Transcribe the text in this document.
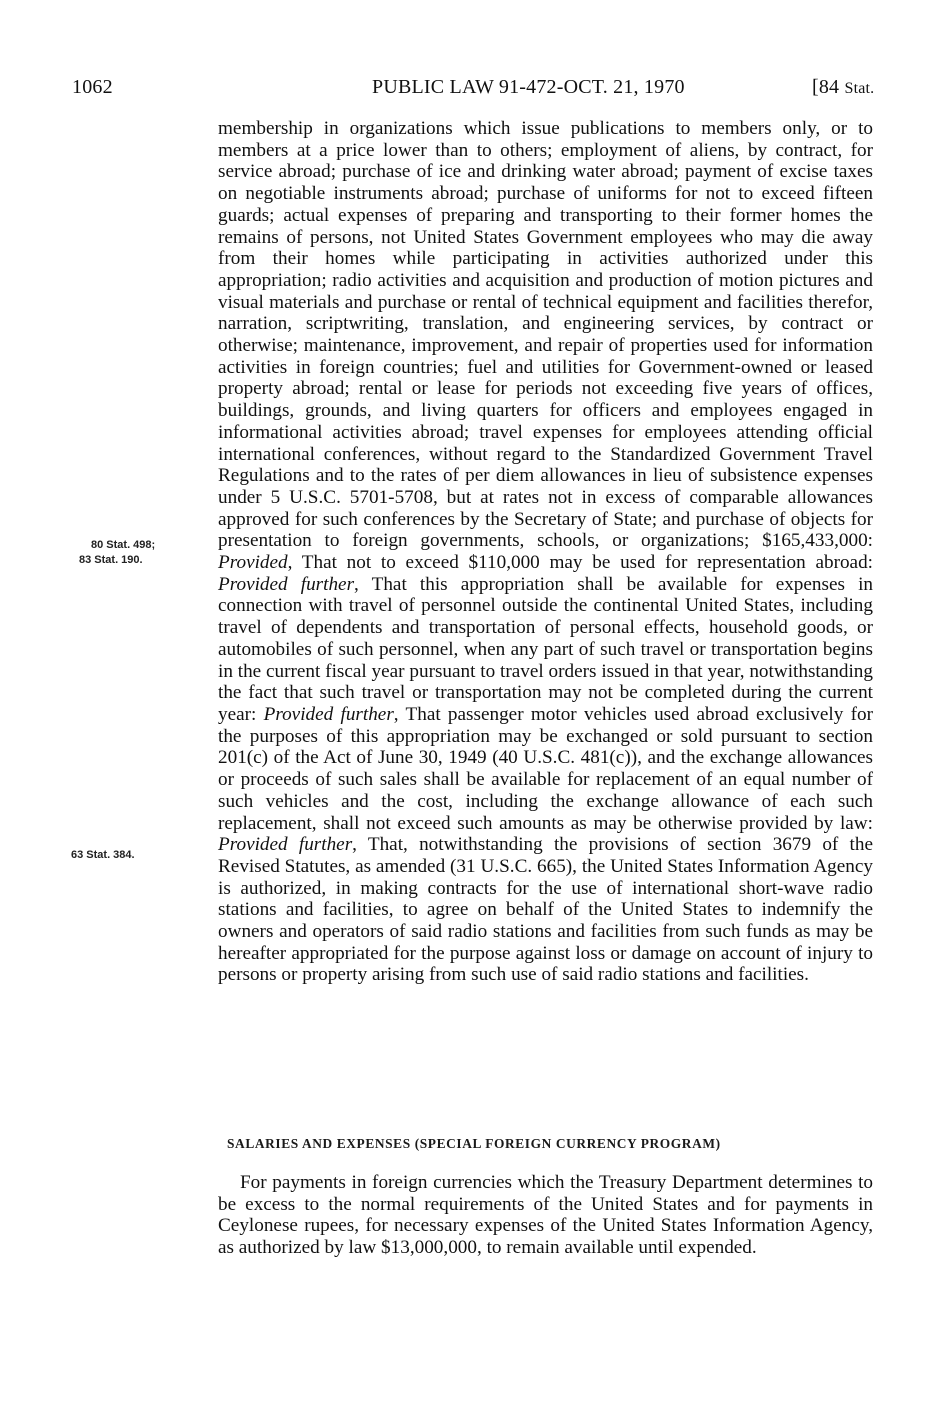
1062	PUBLIC LAW 91-472-OCT. 21, 1970	[84 Stat.

membership in organizations which issue publications to members only, or to members at a price lower than to others; employment of aliens, by contract, for service abroad; purchase of ice and drinking water abroad; payment of excise taxes on negotiable instruments abroad; purchase of uniforms for not to exceed fifteen guards; actual expenses of preparing and transporting to their former homes the remains of persons, not United States Government employees who may die away from their homes while participating in activities authorized under this appropriation; radio activities and acquisition and production of motion pictures and visual materials and purchase or rental of technical equipment and facilities therefor, narration, scriptwriting, translation, and engineering services, by contract or otherwise; maintenance, improvement, and repair of properties used for information activities in foreign countries; fuel and utilities for Government-owned or leased property abroad; rental or lease for periods not exceeding five years of offices, buildings, grounds, and living quarters for officers and employees engaged in informational activities abroad; travel expenses for employees attending official international conferences, without regard to the Standardized Government Travel Regulations and to the rates of per diem allowances in lieu of subsistence expenses under 5 U.S.C. 5701-5708, but at rates not in excess of comparable allowances approved for such conferences by the Secretary of State; and purchase of objects for presentation to foreign governments, schools, or organizations; $165,433,000: Provided, That not to exceed $110,000 may be used for representation abroad: Provided further, That this appropriation shall be available for expenses in connection with travel of personnel outside the continental United States, including travel of dependents and transportation of personal effects, household goods, or automobiles of such personnel, when any part of such travel or transportation begins in the current fiscal year pursuant to travel orders issued in that year, notwithstanding the fact that such travel or transportation may not be completed during the current year: Provided further, That passenger motor vehicles used abroad exclusively for the purposes of this appropriation may be exchanged or sold pursuant to section 201(c) of the Act of June 30, 1949 (40 U.S.C. 481(c)), and the exchange allowances or proceeds of such sales shall be available for replacement of an equal number of such vehicles and the cost, including the exchange allowance of each such replacement, shall not exceed such amounts as may be otherwise provided by law: Provided further, That, notwithstanding the provisions of section 3679 of the Revised Statutes, as amended (31 U.S.C. 665), the United States Information Agency is authorized, in making contracts for the use of international short-wave radio stations and facilities, to agree on behalf of the United States to indemnify the owners and operators of said radio stations and facilities from such funds as may be hereafter appropriated for the purpose against loss or damage on account of injury to persons or property arising from such use of said radio stations and facilities.

80 Stat. 498;
83 Stat. 190.
63 Stat. 384.
SALARIES AND EXPENSES (SPECIAL FOREIGN CURRENCY PROGRAM)

For payments in foreign currencies which the Treasury Department determines to be excess to the normal requirements of the United States and for payments in Ceylonese rupees, for necessary expenses of the United States Information Agency, as authorized by law $13,000,000, to remain available until expended.
